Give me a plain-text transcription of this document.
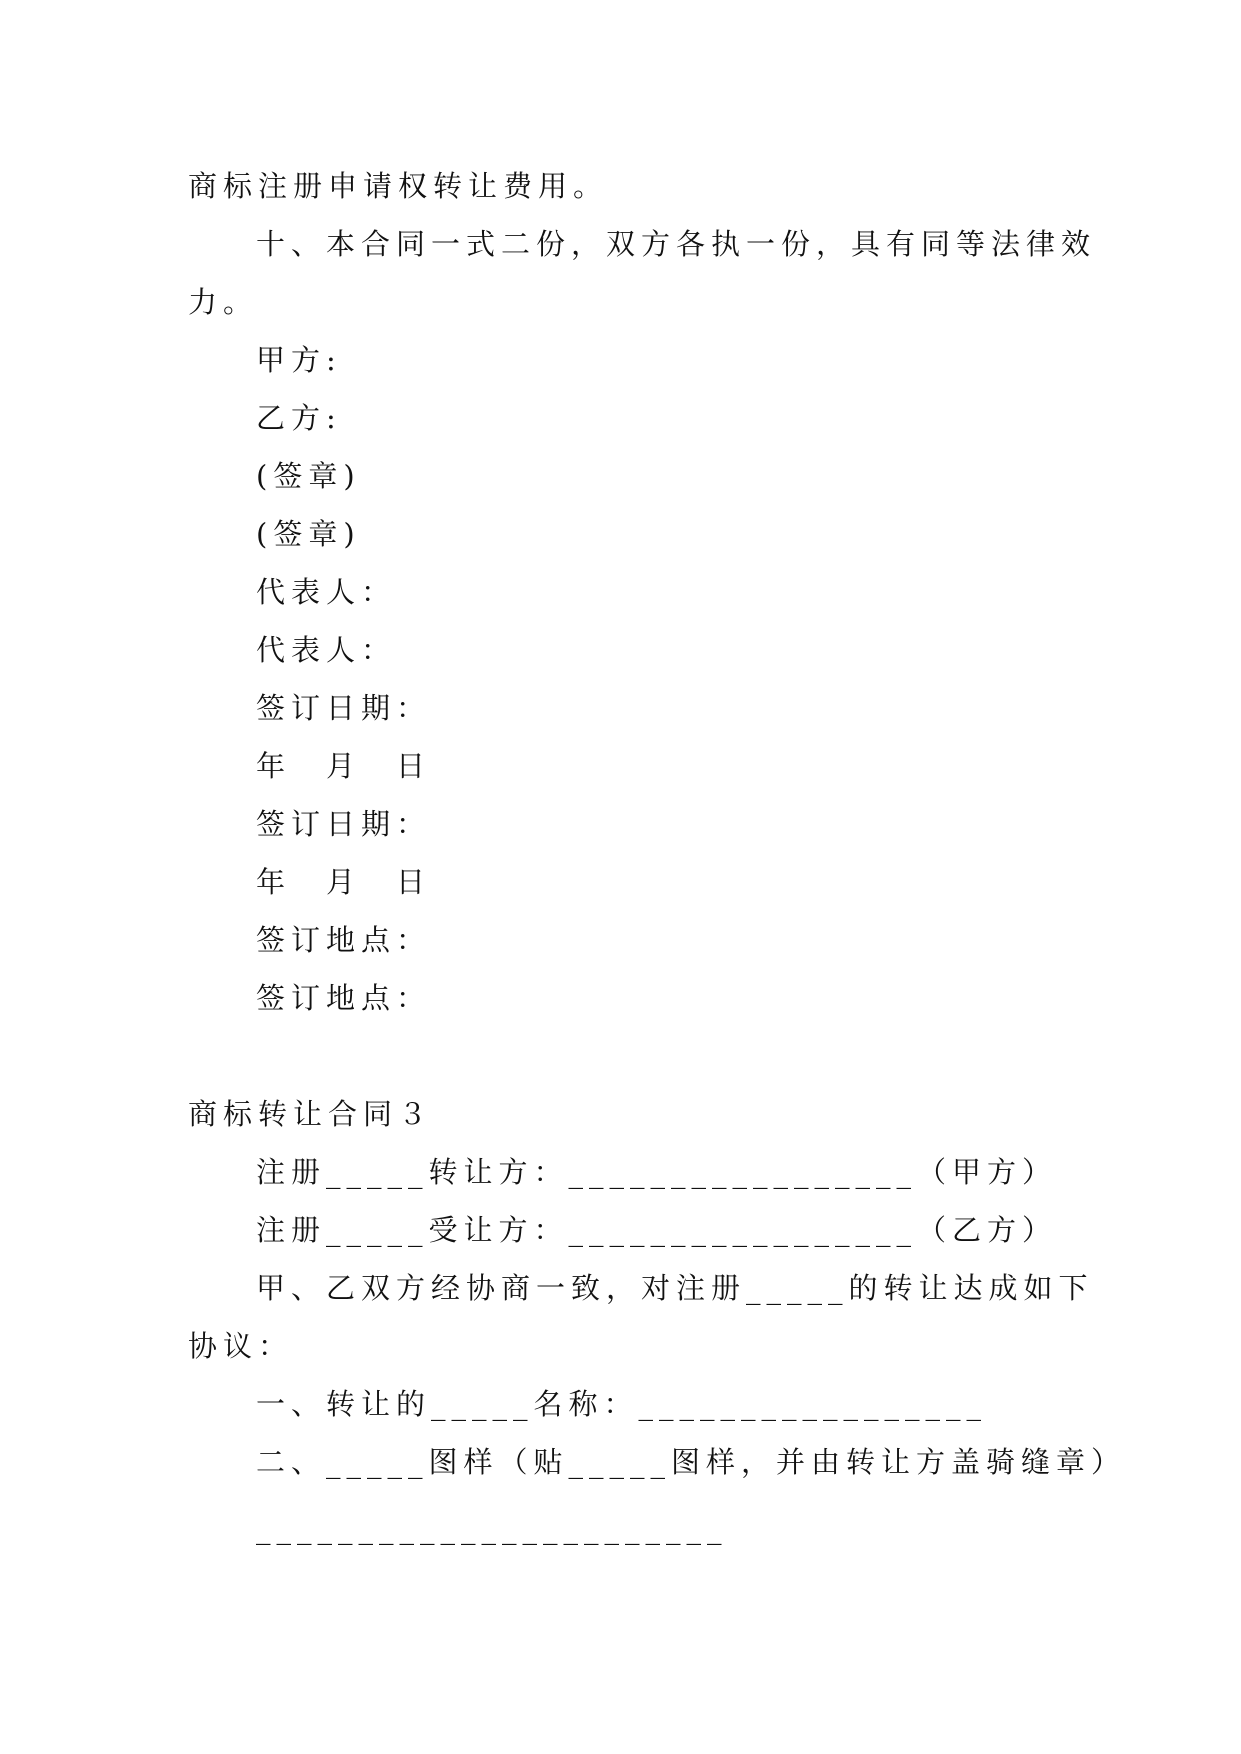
商标注册申请权转让费用。
十、本合同一式二份，双方各执一份，具有同等法律效
力。
甲方:
乙方:
(签章)
(签章)
代表人：
代表人：
签订日期：
年　月　日
签订日期：
年　月　日
签订地点：
签订地点：
商标转让合同３
注册_____转让方：_________________（甲方）
注册_____受让方：_________________（乙方）
甲、乙双方经协商一致，对注册_____的转让达成如下
协议：
一、转让的_____名称：_________________
二、_____图样（贴_____图样，并由转让方盖骑缝章）
_______________________
